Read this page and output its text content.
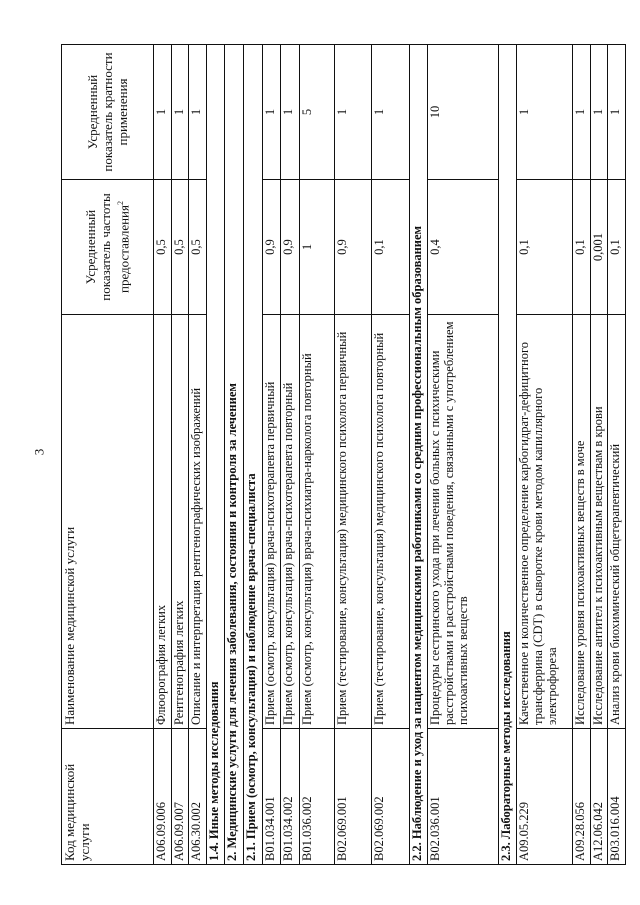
3
Код медицинской услуги	Наименование медицинской услуги	Усредненный показатель частоты предоставления$^2$	Усредненный показатель кратности применения
A06.09.006	Флюорография легких	0,5	1
A06.09.007	Рентгенография легких	0,5	1
A06.30.002	Описание и интерпретация рентгенографических изображений	0,5	1
1.4. Иные методы исследования			
2. Медицинские услуги для лечения заболевания, состояния и контроля за лечением			
2.1. Прием (осмотр, консультация) и наблюдение врача-специалиста			
B01.034.001	Прием (осмотр, консультация) врача-психотерапевта первичный	0,9	1
B01.034.002	Прием (осмотр, консультация) врача-психотерапевта повторный	0,9	1
B01.036.002	Прием (осмотр, консультация) врача-психиатра-нарколога повторный	1	5
B02.069.001	Прием (тестирование, консультация) медицинского психолога первичный	0,9	1
B02.069.002	Прием (тестирование, консультация) медицинского психолога повторный	0,1	1
2.2. Наблюдение и уход за пациентом медицинскими работниками со средним профессиональным образованием			
B02.036.001	Процедуры сестринского ухода при лечении больных с психическими расстройствами и расстройствами поведения, связанными с употреблением психоактивных веществ	0,4	10
2.3. Лабораторные методы исследования			
A09.05.229	Качественное и количественное определение карбогидрат-дефицитного трансферрина (CDT) в сыворотке крови методом капиллярного электрофореза	0,1	1
A09.28.056	Исследование уровня психоактивных веществ в моче	0,1	1
A12.06.042	Исследование антител к психоактивным веществам в крови	0,001	1
B03.016.004	Анализ крови биохимический общетерапевтический	0,1	1
